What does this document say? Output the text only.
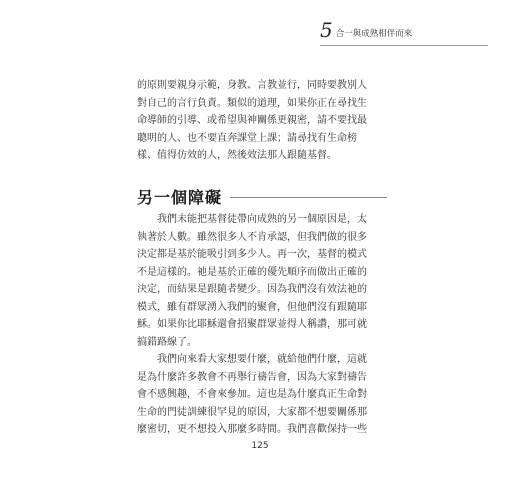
5 合一與成熟相伴而來

的原則要親身示範，身教、言教並行，同時要教別人

對自己的言行負責。類似的道理，如果你正在尋找生

命導師的引導、或希望與神關係更親密，請不要找最

聰明的人、也不要直奔課堂上課；請尋找有生命榜

樣、值得仿效的人，然後效法那人跟隨基督。

另一個障礙

我們未能把基督徒帶向成熟的另一個原因是，太

執著於人數。雖然很多人不肯承認，但我們做的很多

決定都是基於能吸引到多少人。再一次，基督的模式

不是這樣的。祂是基於正確的優先順序而做出正確的

決定，而結果是跟隨者變少。因為我們沒有效法祂的

模式，雖有群眾湧入我們的聚會，但他們沒有跟隨耶

穌。如果你比耶穌還會招聚群眾並得人稱讚，那可就

搞錯路線了。

我們向來看大家想要什麼，就給他們什麼，這就

是為什麼許多教會不再舉行禱告會，因為大家對禱告

會不感興趣，不會來參加。這也是為什麼真正生命對

生命的門徒訓練很罕見的原因，大家都不想要關係那

麼密切，更不想投入那麼多時間。我們喜歡保持一些

125
